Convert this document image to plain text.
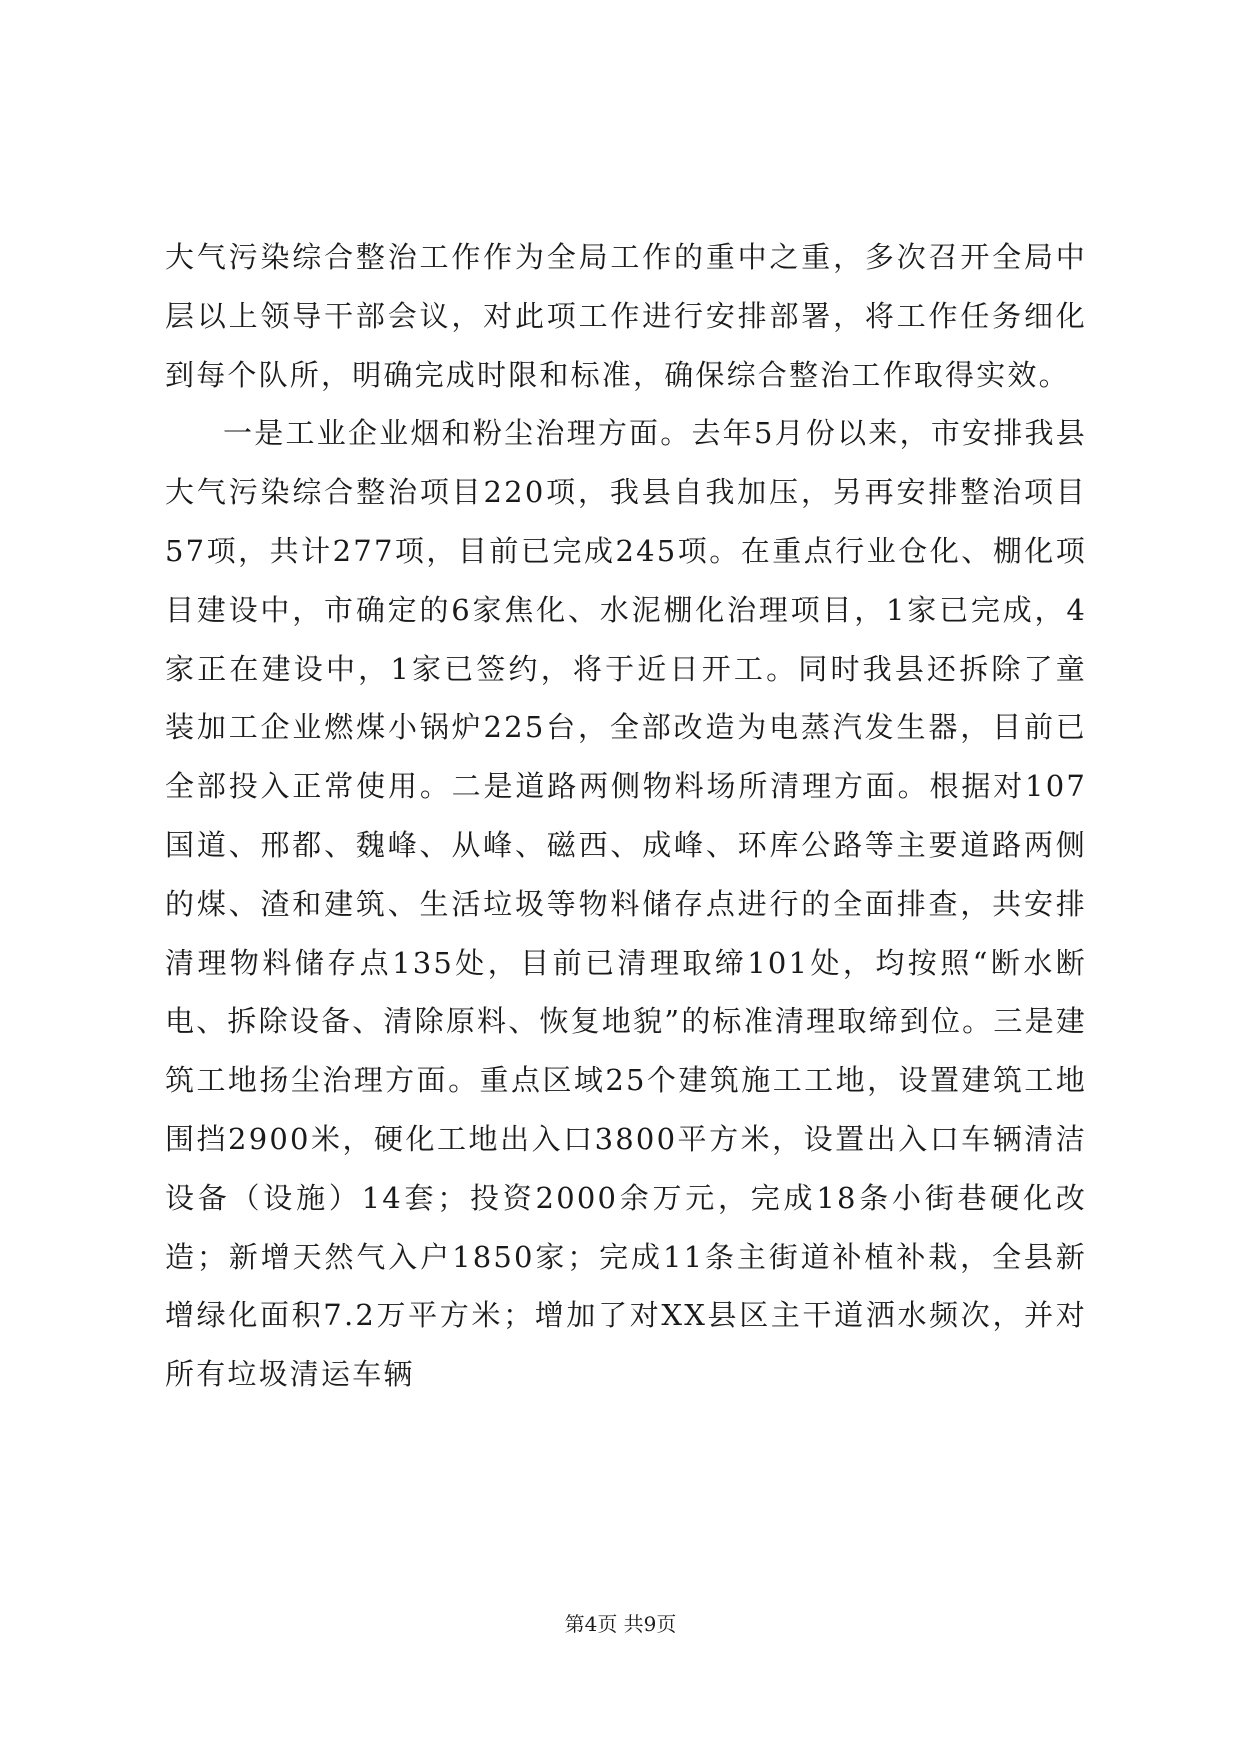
大气污染综合整治工作作为全局工作的重中之重，多次召开全局中层以上领导干部会议，对此项工作进行安排部署，将工作任务细化到每个队所，明确完成时限和标准，确保综合整治工作取得实效。

一是工业企业烟和粉尘治理方面。去年5月份以来，市安排我县大气污染综合整治项目220项，我县自我加压，另再安排整治项目57项，共计277项，目前已完成245项。在重点行业仓化、棚化项目建设中，市确定的6家焦化、水泥棚化治理项目，1家已完成，4家正在建设中，1家已签约，将于近日开工。同时我县还拆除了童装加工企业燃煤小锅炉225台，全部改造为电蒸汽发生器，目前已全部投入正常使用。二是道路两侧物料场所清理方面。根据对107国道、邢都、魏峰、从峰、磁西、成峰、环库公路等主要道路两侧的煤、渣和建筑、生活垃圾等物料储存点进行的全面排查，共安排清理物料储存点135处，目前已清理取缔101处，均按照“断水断电、拆除设备、清除原料、恢复地貌”的标准清理取缔到位。三是建筑工地扬尘治理方面。重点区域25个建筑施工工地，设置建筑工地围挡2900米，硬化工地出入口3800平方米，设置出入口车辆清洁设备（设施）14套；投资2000余万元，完成18条小街巷硬化改造；新增天然气入户1850家；完成11条主街道补植补栽，全县新增绿化面积7.2万平方米；增加了对XX县区主干道洒水频次，并对所有垃圾清运车辆

第4页 共9页
